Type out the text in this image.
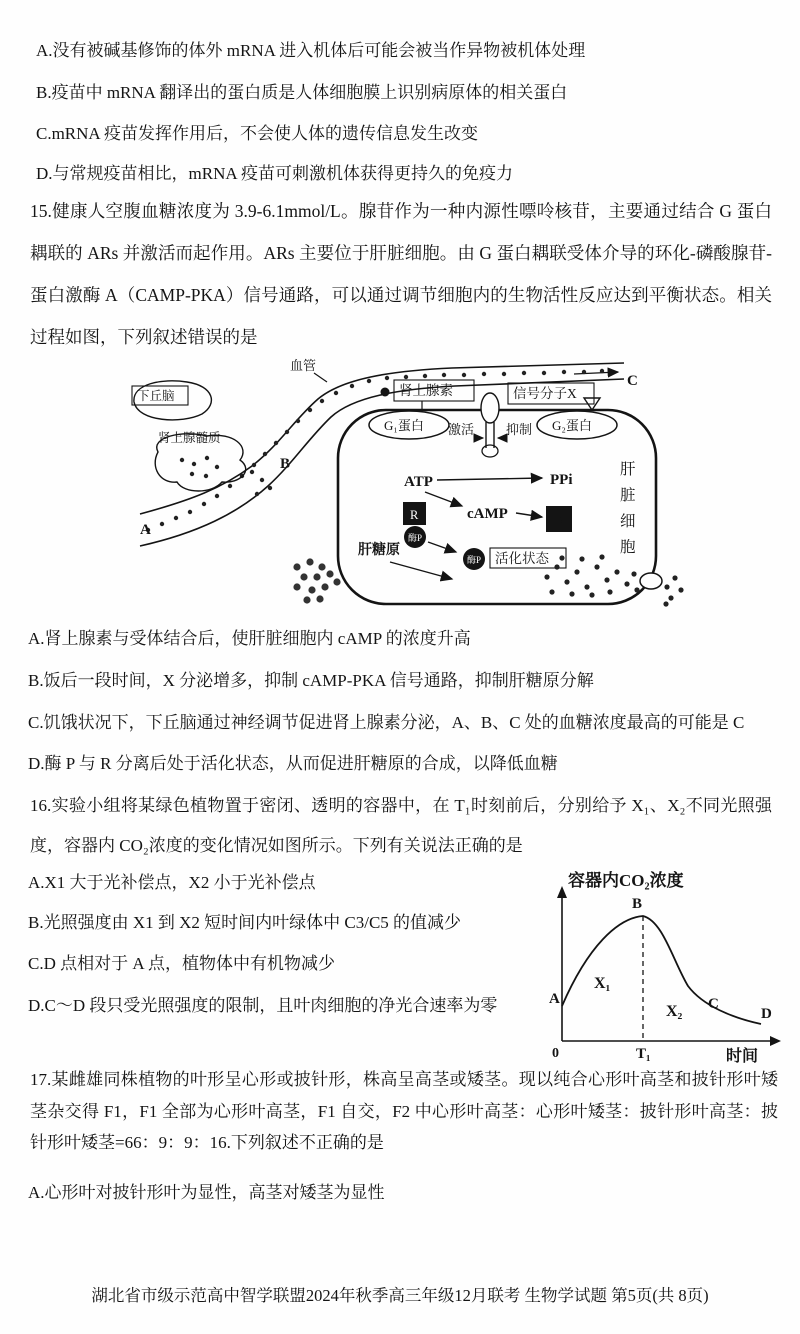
A.没有被碱基修饰的体外 mRNA 进入机体后可能会被当作异物被机体处理
B.疫苗中 mRNA 翻译出的蛋白质是人体细胞膜上识别病原体的相关蛋白
C.mRNA 疫苗发挥作用后，不会使人体的遗传信息发生改变
D.与常规疫苗相比，mRNA 疫苗可刺激机体获得更持久的免疫力
15.健康人空腹血糖浓度为 3.9-6.1mmol/L。腺苷作为一种内源性嘌呤核苷，主要通过结合 G 蛋白耦联的 ARs 并激活而起作用。ARs 主要位于肝脏细胞。由 G 蛋白耦联受体介导的环化-磷酸腺苷-蛋白激酶 A（CAMP-PKA）信号通路，可以通过调节细胞内的生物活性反应达到平衡状态。相关过程如图，下列叙述错误的是
血管
下丘脑
肾上腺髓质
A
B
C
肾上腺素	信号分子X
G₁蛋白	G₂蛋白
激活 抑制
ATP	PPi
cAMP
R
酶P
R
酶P 活化状态
肝糖原
肝
脏
细
胞
A.肾上腺素与受体结合后，使肝脏细胞内 cAMP 的浓度升高
B.饭后一段时间，X 分泌增多，抑制 cAMP-PKA 信号通路，抑制肝糖原分解
C.饥饿状况下，下丘脑通过神经调节促进肾上腺素分泌，A、B、C 处的血糖浓度最高的可能是 C
D.酶 P 与 R 分离后处于活化状态，从而促进肝糖原的合成，以降低血糖
16.实验小组将某绿色植物置于密闭、透明的容器中，在 T₁时刻前后，分别给予 X₁、X₂不同光照强度，容器内 CO₂浓度的变化情况如图所示。下列有关说法正确的是
A.X1 大于光补偿点，X2 小于光补偿点
B.光照强度由 X1 到 X2 短时间内叶绿体中 C3/C5 的值减少
C.D 点相对于 A 点，植物体中有机物减少
D.C～D 段只受光照强度的限制，且叶肉细胞的净光合速率为零
容器内CO₂浓度
A
B
C
D
X₁
X₂
0	T₁	时间
17.某雌雄同株植物的叶形呈心形或披针形，株高呈高茎或矮茎。现以纯合心形叶高茎和披针形叶矮茎杂交得 F1，F1 全部为心形叶高茎，F1 自交，F2 中心形叶高茎：心形叶矮茎：披针形叶高茎：披针形叶矮茎=66：9：9：16.下列叙述不正确的是
A.心形叶对披针形叶为显性，高茎对矮茎为显性
湖北省市级示范高中智学联盟2024年秋季高三年级12月联考 生物学试题 第5页(共 8页)
